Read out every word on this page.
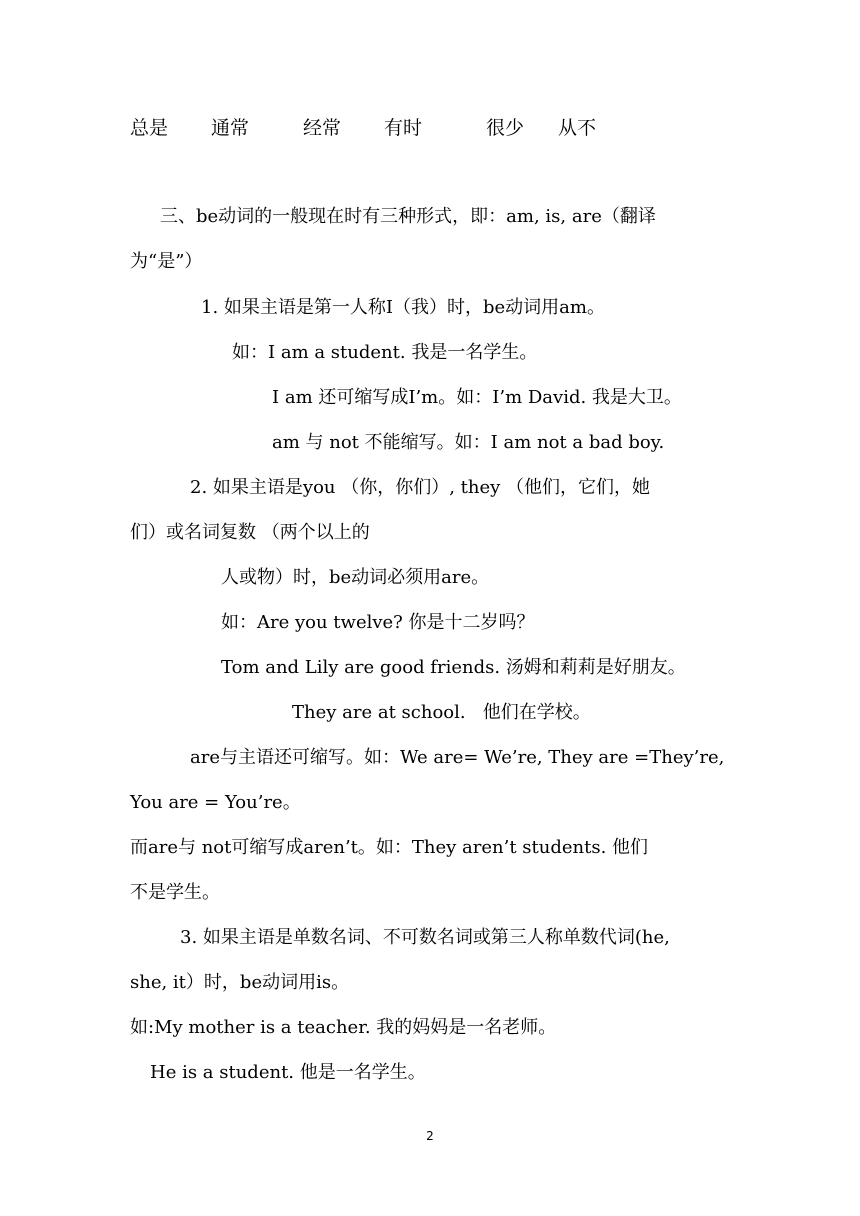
总是 通常	经常 有时	很少 从不
三、be动词的一般现在时有三种形式，即：am, is, are（翻译
为“是”）
1. 如果主语是第一人称I（我）时，be动词用am。
如：I am a student. 我是一名学生。
I am 还可缩写成I’m。如：I’m David. 我是大卫。
am 与 not 不能缩写。如：I am not a bad boy.
2. 如果主语是you （你，你们）, they （他们，它们，她
们）或名词复数 （两个以上的
人或物）时，be动词必须用are。
如：Are you twelve? 你是十二岁吗？
Tom and Lily are good friends. 汤姆和莉莉是好朋友。
They are at school.   他们在学校。
are与主语还可缩写。如：We are= We’re, They are =They’re,
You are = You’re。
而are与 not可缩写成aren’t。如：They aren’t students. 他们
不是学生。
3. 如果主语是单数名词、不可数名词或第三人称单数代词(he,
she, it）时，be动词用is。
如:My mother is a teacher. 我的妈妈是一名老师。
He is a student. 他是一名学生。
2
